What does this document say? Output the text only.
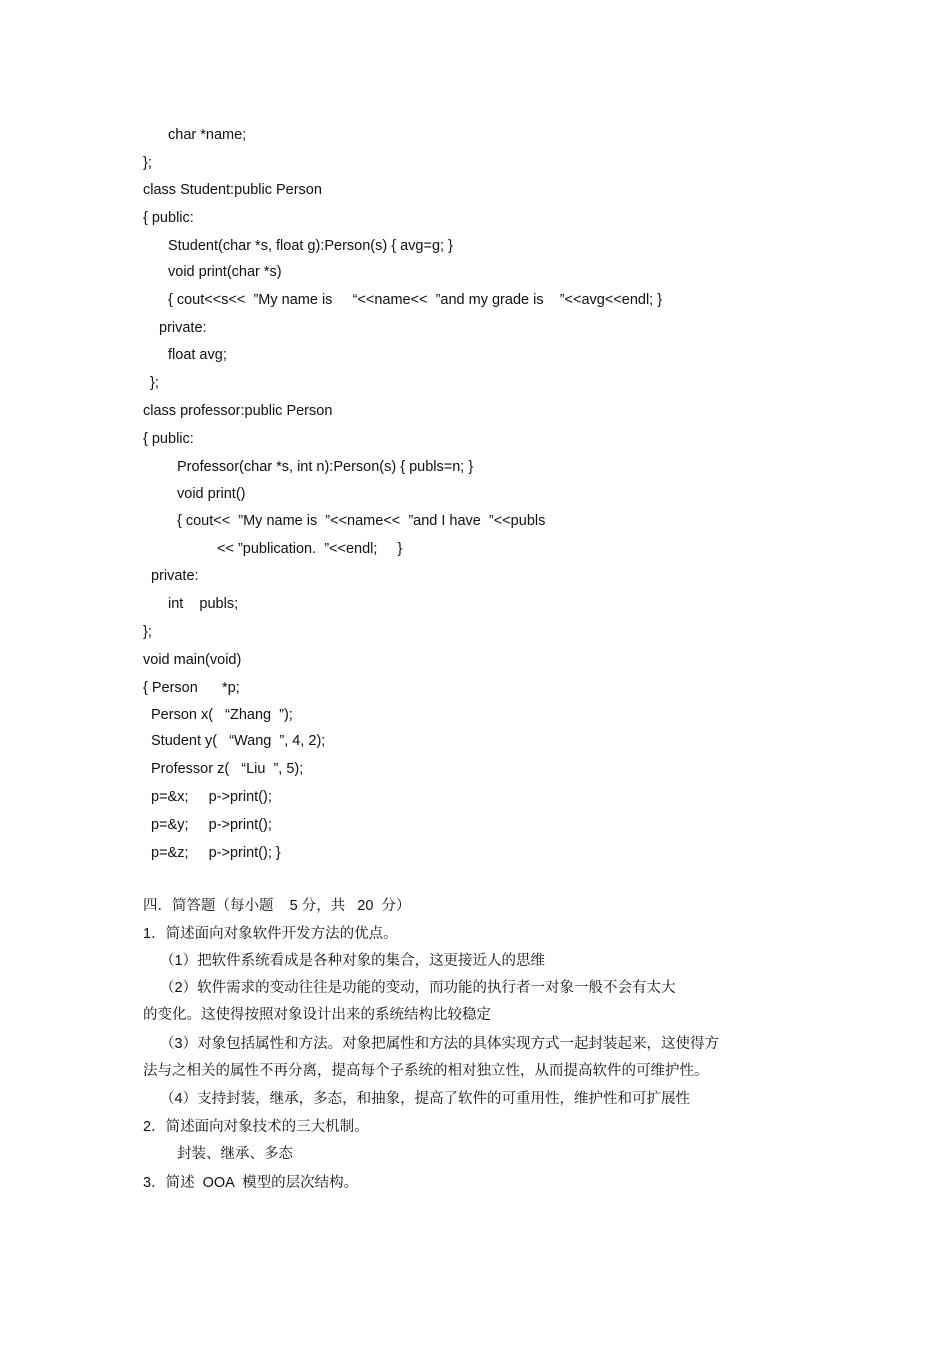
char *name;
};
class Student:public Person
{ public:
Student(char *s, float g):Person(s) { avg=g; }
void print(char *s)
{ cout<<s<<  ”My name is     “<<name<<  ”and my grade is    ”<<avg<<endl; }
private:
float avg;
};
class professor:public Person
{ public:
Professor(char *s, int n):Person(s) { publs=n; }
void print()
{ cout<<  ”My name is  ”<<name<<  ”and I have  ”<<publs
<< ”publication.  ”<<endl;     }
private:
int    publs;
};
void main(void)
{ Person      *p;
Person x(   “Zhang  ”);
Student y(   “Wang  ”, 4, 2);
Professor z(   “Liu  ”, 5);
p=&x;     p->print();
p=&y;     p->print();
p=&z;     p->print(); }
四．简答题（每小题    5 分，共   20  分）
1．简述面向对象软件开发方法的优点。
（1）把软件系统看成是各种对象的集合，这更接近人的思维
（2）软件需求的变动往往是功能的变动，而功能的执行者一对象一般不会有太大
的变化。这使得按照对象设计出来的系统结构比较稳定
（3）对象包括属性和方法。对象把属性和方法的具体实现方式一起封装起来，这使得方
法与之相关的属性不再分离，提高每个子系统的相对独立性，从而提高软件的可维护性。
（4）支持封装，继承，多态，和抽象，提高了软件的可重用性，维护性和可扩展性
2．简述面向对象技术的三大机制。
封装、继承、多态
3．简述  OOA  模型的层次结构。
